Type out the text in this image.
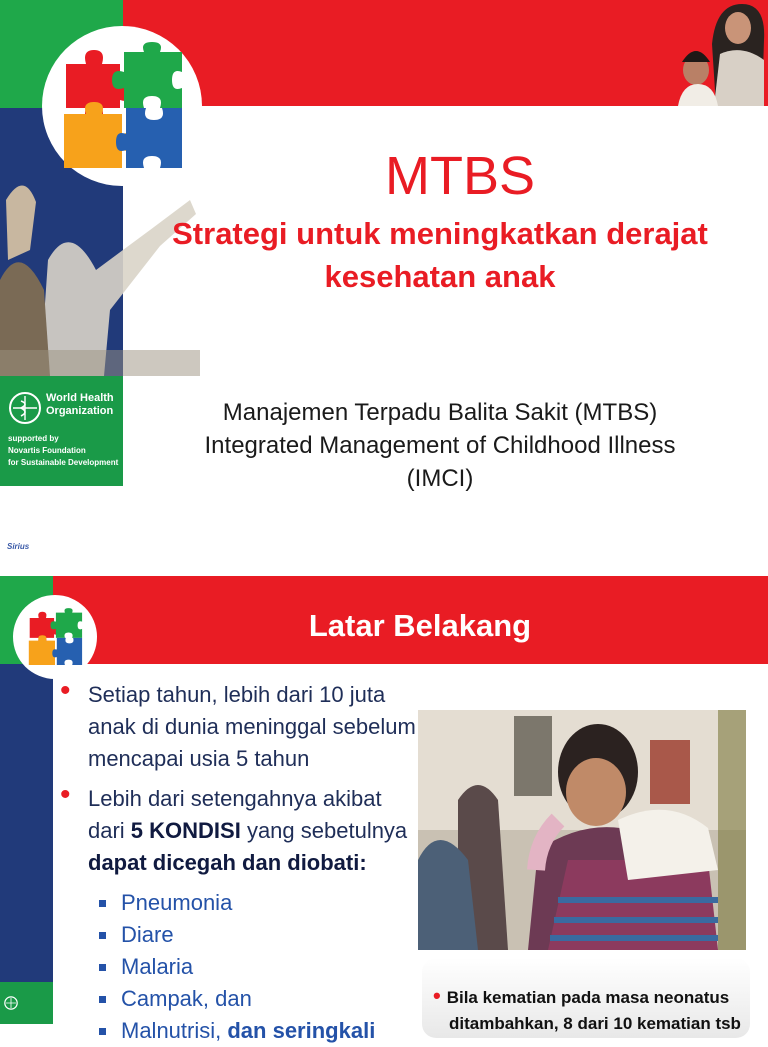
MTBS
Strategi untuk meningkatkan derajat kesehatan anak
Manajemen Terpadu Balita Sakit (MTBS)
Integrated Management of Childhood Illness
(IMCI)
World Health
Organization
supported by
Novartis Foundation
for Sustainable Development
Sirius
Latar Belakang
• Setiap tahun, lebih dari 10 juta anak di dunia meninggal sebelum mencapai usia 5 tahun
• Lebih dari setengahnya akibat dari 5 KONDISI yang sebetulnya dapat dicegah dan diobati:
Pneumonia
Diare
Malaria
Campak, dan
Malnutrisi, dan seringkali
• Bila kematian pada masa neonatus
ditambahkan, 8 dari 10 kematian tsb
